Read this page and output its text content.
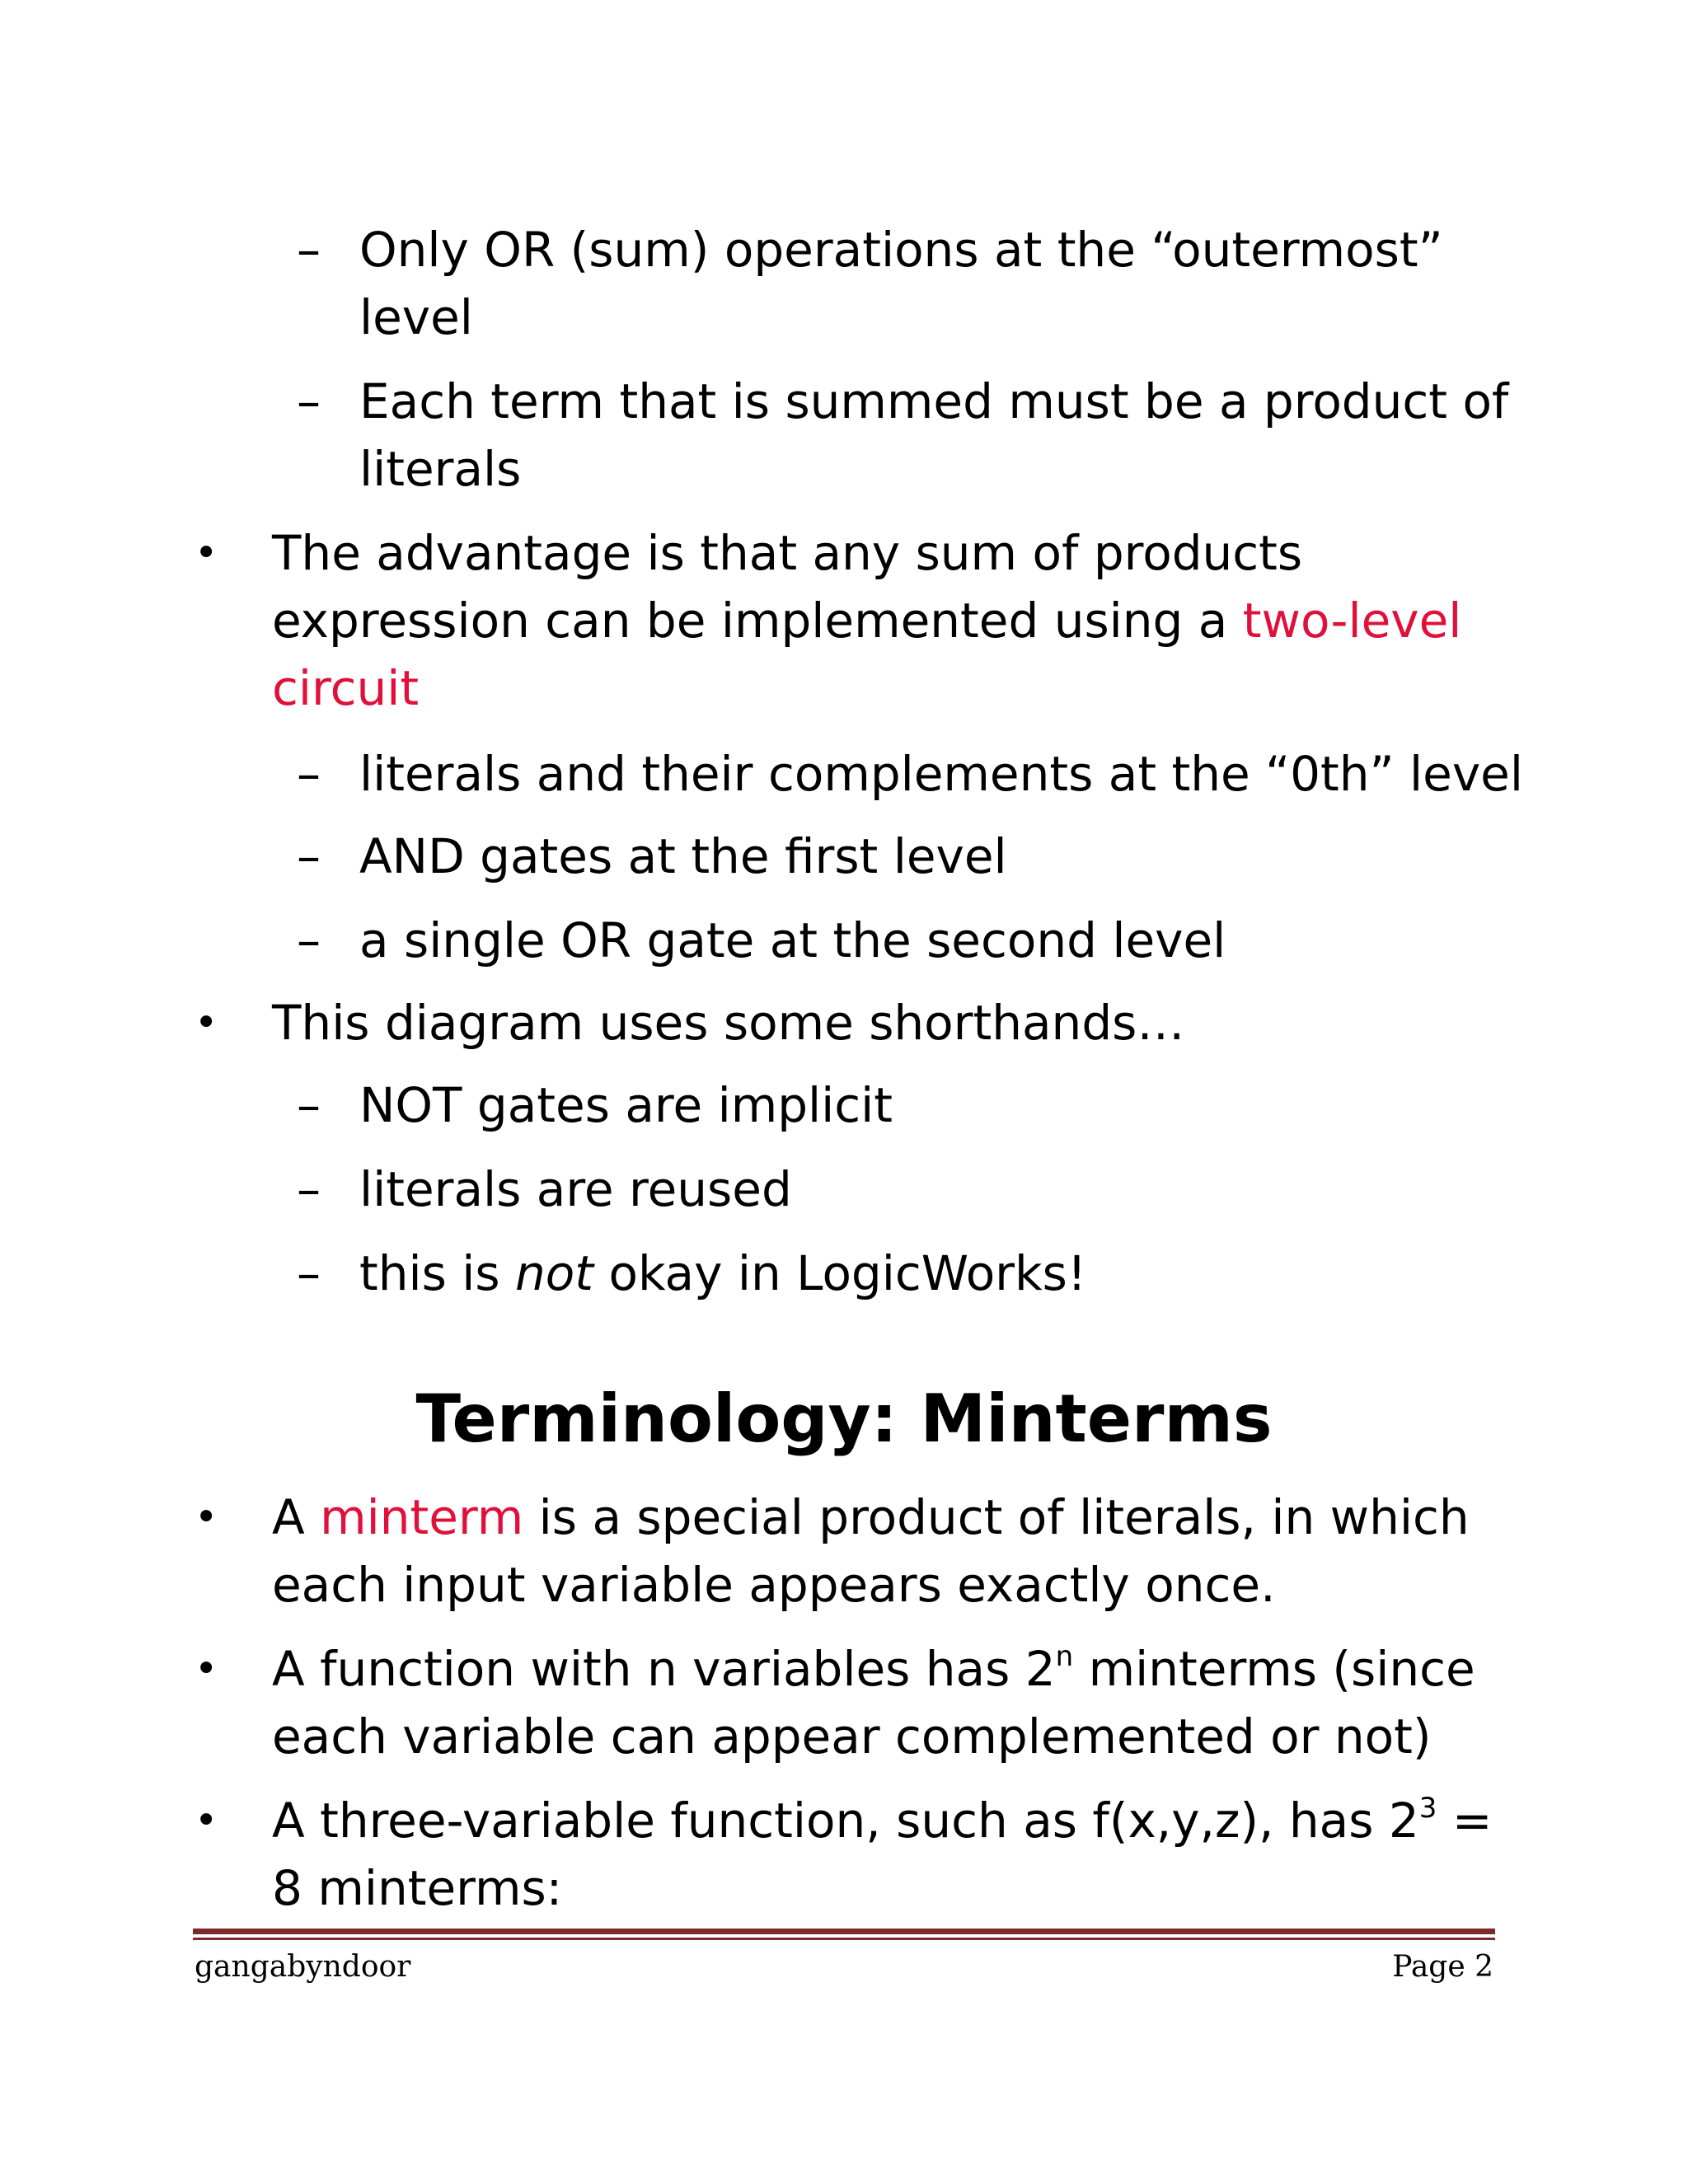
– Only OR (sum) operations at the “outermost”
level
– Each term that is summed must be a product of
literals
• The advantage is that any sum of products
expression can be implemented using a two-level
circuit
– literals and their complements at the “0th” level
– AND gates at the first level
– a single OR gate at the second level
• This diagram uses some shorthands…
– NOT gates are implicit
– literals are reused
– this is not okay in LogicWorks!
Terminology: Minterms
• A minterm is a special product of literals, in which
each input variable appears exactly once.
• A function with n variables has 2$^n$ minterms (since
each variable can appear complemented or not)
• A three-variable function, such as f(x,y,z), has $2^3$ =
8 minterms:
gangabyndoor	Page 2
